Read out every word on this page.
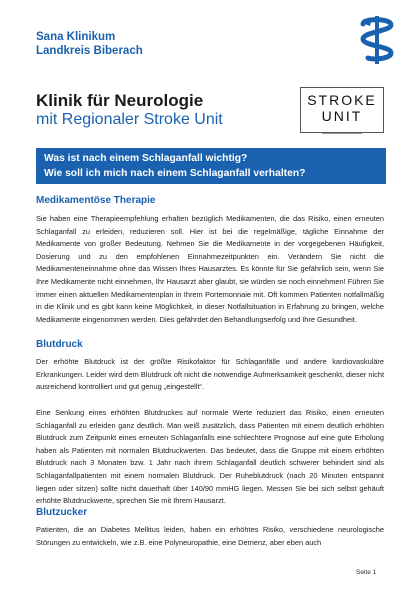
Sana Klinikum
Landkreis Biberach
Klinik für Neurologie
mit Regionaler Stroke Unit
STROKE
UNIT
Was ist nach einem Schlaganfall wichtig?
Wie soll ich mich nach einem Schlaganfall verhalten?
Medikamentöse Therapie

Sie haben eine Therapieempfehlung erhalten bezüglich Medikamenten, die das Risiko, einen erneuten Schlaganfall zu erleiden, reduzieren soll. Hier ist bei die regelmäßige, tägliche Einnahme der Medikamente von großer Bedeutung. Nehmen Sie die Medikamente in der vorgegebenen Häufigkeit, Dosierung und zu den empfohlenen Einnahmezeitpunkten ein. Verändern Sie nicht die Medikamenteneinnahme ohne das Wissen Ihres Hausarztes. Es könnte für Sie gefährlich sein, wenn Sie Ihre Medikamente nicht einnehmen, Ihr Hausarzt aber glaubt, sie würden sie noch einnehmen! Führen Sie immer einen aktuellen Medikamentenplan in Ihrem Portemonnaie mit. Oft kommen Patienten notfallmäßig in die Klinik und es gibt kann keine Möglichkeit, in dieser Notfallsituation in Erfahrung zu bringen, welche Medikamente eingenommen werden. Dies gefährdet den Behandlungserfolg und Ihre Gesundheit.

Blutdruck

Der erhöhte Blutdruck ist der größte Risikofaktor für Schlaganfälle und andere kardiovaskuläre Erkrankungen. Leider wird dem Blutdruck oft nicht die notwendige Aufmerksamkeit geschenkt, dieser nicht ausreichend kontrolliert und gut genug „eingestellt“.

Eine Senkung eines erhöhten Blutdruckes auf normale Werte reduziert das Risiko, einen erneuten Schlaganfall zu erleiden ganz deutlich. Man weiß zusätzlich, dass Patienten mit einem deutlich erhöhten Blutdruck zum Zeitpunkt eines erneuten Schlaganfalls eine schlechtere Prognose auf eine gute Erholung haben als Patienten mit normalen Blutdruckwerten. Das bedeutet, dass die Gruppe mit einem erhöhten Blutdruck nach 3 Monaten bzw. 1 Jahr nach ihrem Schlaganfall deutlich schwerer behindert sind als Schlaganfallpatienten mit einem normalen Blutdruck. Der Ruheblutdruck (nach 20 Minuten entspannt liegen oder sitzen) sollte nicht dauerhaft über 140/90 mmHG liegen. Messen Sie bei sich selbst gehäuft erhöhte Blutdruckwerte, sprechen Sie mit Ihrem Hausarzt.

Blutzucker

Patienten, die an Diabetes Mellitus leiden, haben ein erhöhtes Risiko, verschiedene neurologische Störungen zu entwickeln, wie z.B. eine Polyneuropathie, eine Demenz, aber eben auch

Seite 1
